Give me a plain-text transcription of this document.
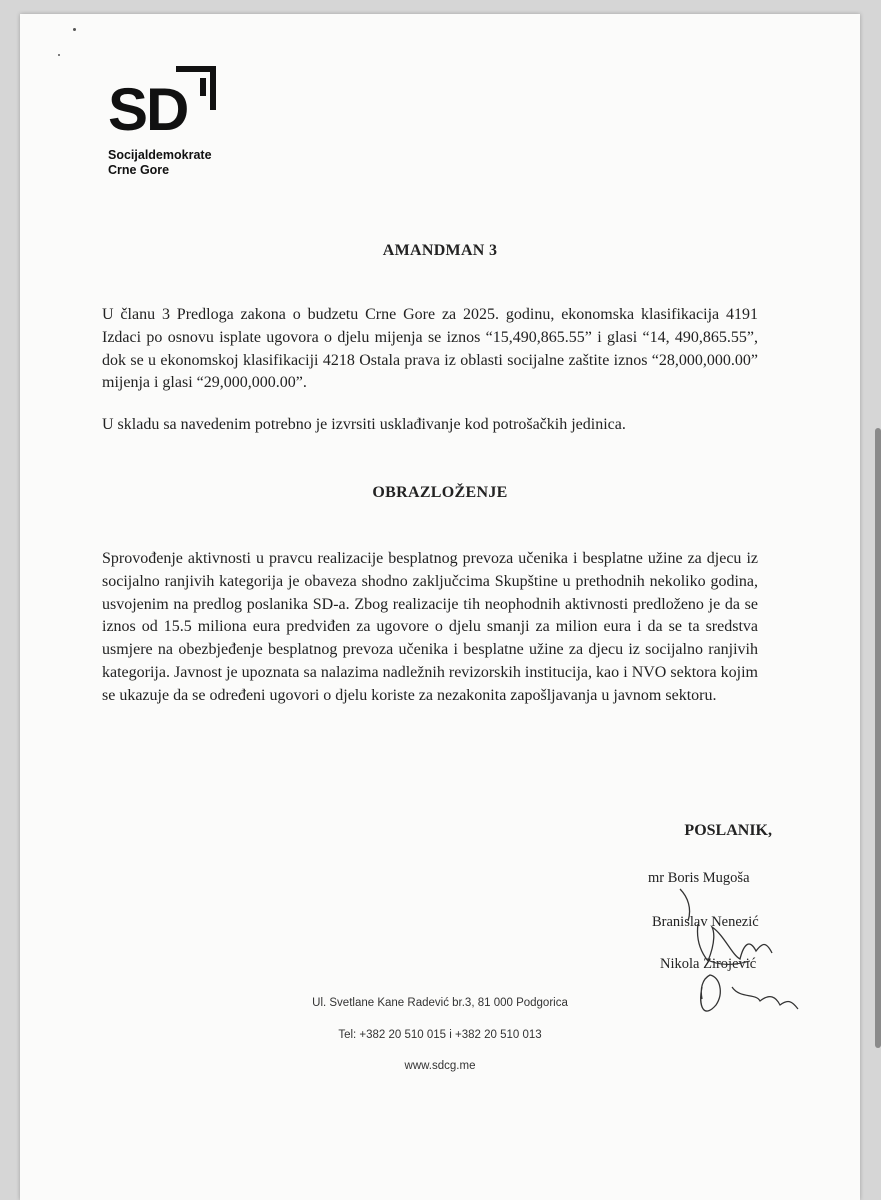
SD
Socijaldemokrate
Crne Gore
AMANDMAN 3
U članu 3 Predloga zakona o budzetu Crne Gore za 2025. godinu, ekonomska klasifikacija 4191 Izdaci po osnovu isplate ugovora o djelu mijenja se iznos “15,490,865.55” i glasi “14, 490,865.55”, dok se u ekonomskoj klasifikaciji 4218 Ostala prava iz oblasti socijalne zaštite iznos “28,000,000.00” mijenja i glasi “29,000,000.00”.
U skladu sa navedenim potrebno je izvrsiti usklađivanje kod potrošačkih jedinica.
OBRAZLOŽENJE
Sprovođenje aktivnosti u pravcu realizacije besplatnog prevoza učenika i besplatne užine za djecu iz socijalno ranjivih kategorija je obaveza shodno zaključcima Skupštine u prethodnih nekoliko godina, usvojenim na predlog poslanika SD-a. Zbog realizacije tih neophodnih aktivnosti predloženo je da se iznos od 15.5 miliona eura predviđen za ugovore o djelu smanji za milion eura i da se ta sredstva usmjere na obezbjeđenje besplatnog prevoza učenika i besplatne užine za djecu iz socijalno ranjivih kategorija. Javnost je upoznata sa nalazima nadležnih revizorskih institucija, kao i NVO sektora kojim se ukazuje da se određeni ugovori o djelu koriste za nezakonita zapošljavanja u javnom sektoru.
POSLANIK,
mr Boris Mugoša
Branislav Nenezić
Nikola Zirojević
Ul. Svetlane Kane Radević br.3, 81 000 Podgorica
Tel: +382 20 510 015 i +382 20 510 013
www.sdcg.me
